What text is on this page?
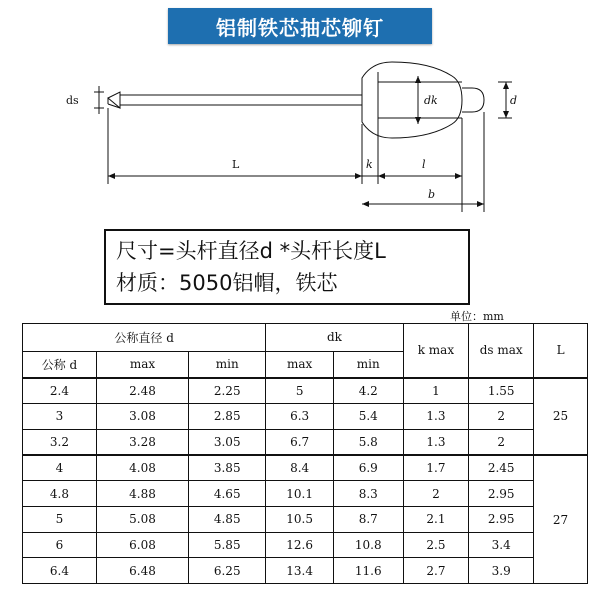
铝制铁芯抽芯铆钉
ds
L	k	l
b
dk	d
尺寸=头杆直径d *头杆长度L
材质：5050铝帽，铁芯
单位：mm
公称直径 d			dk		k max	ds max	L
公称 d	max	min	max	min			
2.4	2.48	2.25	5	4.2	1	1.55	25
3	3.08	2.85	6.3	5.4	1.3	2	
3.2	3.28	3.05	6.7	5.8	1.3	2	
4	4.08	3.85	8.4	6.9	1.7	2.45	27
4.8	4.88	4.65	10.1	8.3	2	2.95	
5	5.08	4.85	10.5	8.7	2.1	2.95	
6	6.08	5.85	12.6	10.8	2.5	3.4	
6.4	6.48	6.25	13.4	11.6	2.7	3.9	
